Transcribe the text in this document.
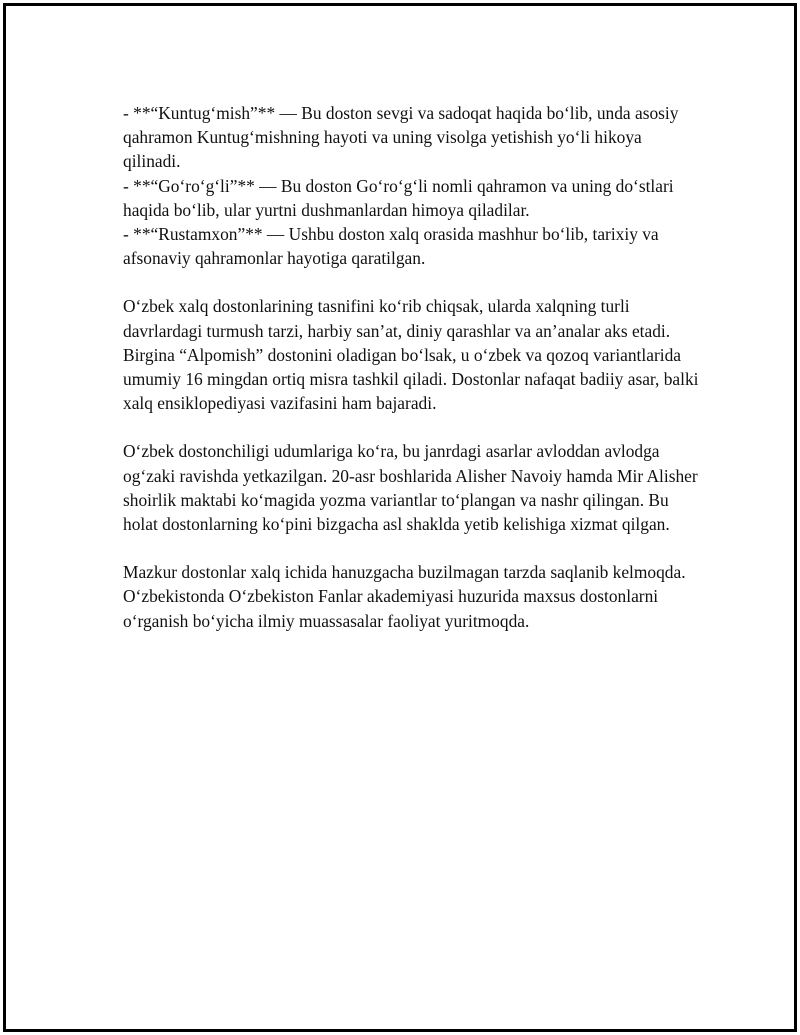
- **“Kuntugʻmish”** — Bu doston sevgi va sadoqat haqida boʻlib, unda asosiy qahramon Kuntugʻmishning hayoti va uning visolga yetishish yoʻli hikoya qilinadi.

- **“Goʻroʻgʻli”** — Bu doston Goʻroʻgʻli nomli qahramon va uning doʻstlari haqida boʻlib, ular yurtni dushmanlardan himoya qiladilar.

- **“Rustamxon”** — Ushbu doston xalq orasida mashhur boʻlib, tarixiy va afsonaviy qahramonlar hayotiga qaratilgan.

Oʻzbek xalq dostonlarining tasnifini koʻrib chiqsak, ularda xalqning turli davrlardagi turmush tarzi, harbiy san’at, diniy qarashlar va an’analar aks etadi. Birgina “Alpomish” dostonini oladigan boʻlsak, u oʻzbek va qozoq variantlarida umumiy 16 mingdan ortiq misra tashkil qiladi. Dostonlar nafaqat badiiy asar, balki xalq ensiklopediyasi vazifasini ham bajaradi.

Oʻzbek dostonchiligi udumlariga koʻra, bu janrdagi asarlar avloddan avlodga ogʻzaki ravishda yetkazilgan. 20-asr boshlarida Alisher Navoiy hamda Mir Alisher shoirlik maktabi koʻmagida yozma variantlar toʻplangan va nashr qilingan. Bu holat dostonlarning koʻpini bizgacha asl shaklda yetib kelishiga xizmat qilgan.

Mazkur dostonlar xalq ichida hanuzgacha buzilmagan tarzda saqlanib kelmoqda. Oʻzbekistonda Oʻzbekiston Fanlar akademiyasi huzurida maxsus dostonlarni oʻrganish boʻyicha ilmiy muassasalar faoliyat yuritmoqda.
